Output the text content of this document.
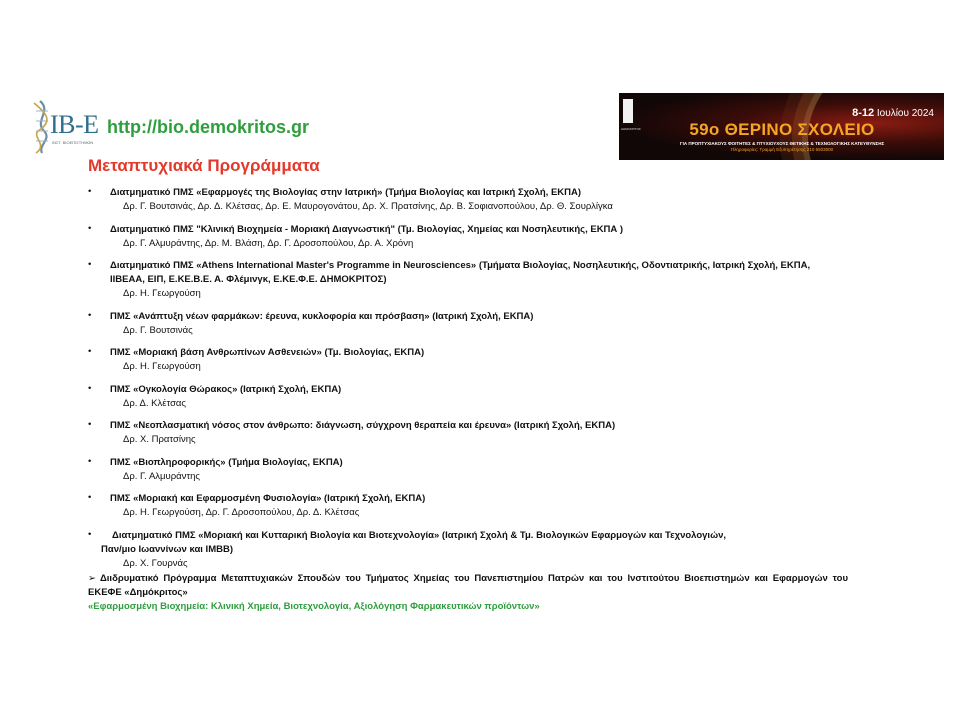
IB-E
ΙΝΣΤ. ΒΙΟΕΠΙΣΤΗΜΩΝ
http://bio.demokritos.gr
Μεταπτυχιακά Προγράμματα
ΔΗΜΟΚΡΙΤΟΣ
8-12 Ιουλίου 2024
59ο ΘΕΡΙΝΟ ΣΧΟΛΕΙΟ
ΓΙΑ ΠΡΟΠΤΥΧΙΑΚΟΥΣ ΦΟΙΤΗΤΕΣ & ΠΤΥΧΙΟΥΧΟΥΣ ΘΕΤΙΚΗΣ & ΤΕΧΝΟΛΟΓΙΚΗΣ ΚΑΤΕΥΘΥΝΣΗΣ
Πληροφορίες: Γραμμή Εξυπηρέτησης 210 6503000
• Διατμηματικό ΠΜΣ «Εφαρμογές της Βιολογίας στην Ιατρική» (Τμήμα Βιολογίας και Ιατρική Σχολή, ΕΚΠΑ)
Δρ. Γ. Βουτσινάς, Δρ. Δ. Κλέτσας, Δρ. Ε. Μαυρογονάτου, Δρ. Χ. Πρατσίνης, Δρ. Β. Σοφιανοπούλου, Δρ. Θ. Σουρλίγκα
• Διατμηματικό ΠΜΣ "Κλινική Βιοχημεία - Μοριακή Διαγνωστική" (Τμ. Βιολογίας, Χημείας και Νοσηλευτικής, ΕΚΠΑ )
Δρ. Γ. Αλμυράντης, Δρ. Μ. Βλάση, Δρ. Γ. Δροσοπούλου, Δρ. Α. Χρόνη
• Διατμηματικό ΠΜΣ «Athens International Master's Programme in Neurosciences» (Τμήματα Βιολογίας, Νοσηλευτικής, Οδοντιατρικής, Ιατρική Σχολή, ΕΚΠΑ, ΙΙΒΕΑΑ, ΕΙΠ, Ε.ΚΕ.Β.Ε. Α. Φλέμινγκ, Ε.ΚΕ.Φ.Ε. ΔΗΜΟΚΡΙΤΟΣ)
Δρ. Η. Γεωργούση
• ΠΜΣ «Ανάπτυξη νέων φαρμάκων: έρευνα, κυκλοφορία και πρόσβαση» (Ιατρική Σχολή, ΕΚΠΑ)
Δρ. Γ. Βουτσινάς
• ΠΜΣ «Μοριακή βάση Ανθρωπίνων Ασθενειών» (Τμ. Βιολογίας, ΕΚΠΑ)
Δρ. Η. Γεωργούση
• ΠΜΣ «Ογκολογία Θώρακος» (Ιατρική Σχολή, ΕΚΠΑ)
Δρ. Δ. Κλέτσας
• ΠΜΣ «Νεοπλασματική νόσος στον άνθρωπο: διάγνωση, σύγχρονη θεραπεία και έρευνα» (Ιατρική Σχολή, ΕΚΠΑ)
Δρ. Χ. Πρατσίνης
• ΠΜΣ «Βιοπληροφορικής» (Τμήμα Βιολογίας, ΕΚΠΑ)
Δρ. Γ. Αλμυράντης
• ΠΜΣ «Μοριακή και Εφαρμοσμένη Φυσιολογία» (Ιατρική Σχολή, ΕΚΠΑ)
Δρ. Η. Γεωργούση, Δρ. Γ. Δροσοπούλου, Δρ. Δ. Κλέτσας
• Διατμηματικό ΠΜΣ «Μοριακή και Κυτταρική Βιολογία και Βιοτεχνολογία» (Ιατρική Σχολή & Τμ. Βιολογικών Εφαρμογών και Τεχνολογιών,
Παν/μιο Ιωαννίνων και IMBB)
Δρ. Χ. Γουρνάς
➢ Διιδρυματικό Πρόγραμμα Μεταπτυχιακών Σπουδών του Τμήματος Χημείας του Πανεπιστημίου Πατρών και του Ινστιτούτου Βιοεπιστημών και Εφαρμογών του ΕΚΕΦΕ «Δημόκριτος»
«Εφαρμοσμένη Βιοχημεία: Κλινική Χημεία, Βιοτεχνολογία, Αξιολόγηση Φαρμακευτικών προϊόντων»
